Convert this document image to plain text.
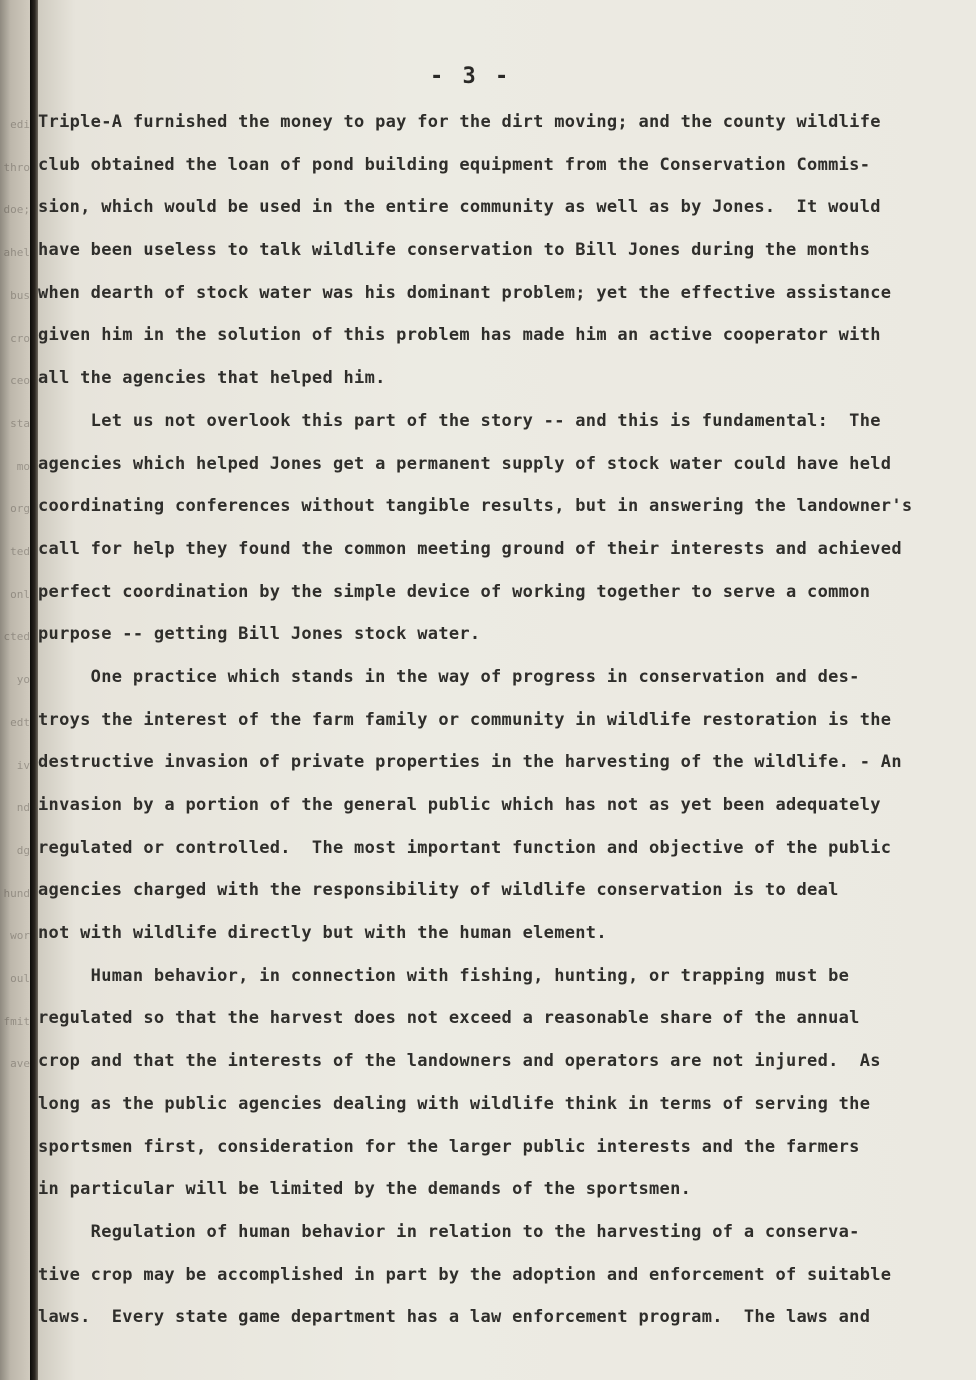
edi
thro
doe;
ahel
bus
cro
ceo
sta
mo
org
ted
onl
cted
yo
edt
iv
nd
dg
hund
wor
oul
fmit
ave
- 3 -
Triple-A furnished the money to pay for the dirt moving; and the county wildlife
club obtained the loan of pond building equipment from the Conservation Commis-
sion, which would be used in the entire community as well as by Jones.  It would
have been useless to talk wildlife conservation to Bill Jones during the months
when dearth of stock water was his dominant problem; yet the effective assistance
given him in the solution of this problem has made him an active cooperator with
all the agencies that helped him.
Let us not overlook this part of the story -- and this is fundamental:  The
agencies which helped Jones get a permanent supply of stock water could have held
coordinating conferences without tangible results, but in answering the landowner's
call for help they found the common meeting ground of their interests and achieved
perfect coordination by the simple device of working together to serve a common
purpose -- getting Bill Jones stock water.
One practice which stands in the way of progress in conservation and des-
troys the interest of the farm family or community in wildlife restoration is the
destructive invasion of private properties in the harvesting of the wildlife. - An
invasion by a portion of the general public which has not as yet been adequately
regulated or controlled.  The most important function and objective of the public
agencies charged with the responsibility of wildlife conservation is to deal
not with wildlife directly but with the human element.
Human behavior, in connection with fishing, hunting, or trapping must be
regulated so that the harvest does not exceed a reasonable share of the annual
crop and that the interests of the landowners and operators are not injured.  As
long as the public agencies dealing with wildlife think in terms of serving the
sportsmen first, consideration for the larger public interests and the farmers
in particular will be limited by the demands of the sportsmen.
Regulation of human behavior in relation to the harvesting of a conserva-
tive crop may be accomplished in part by the adoption and enforcement of suitable
laws.  Every state game department has a law enforcement program.  The laws and
